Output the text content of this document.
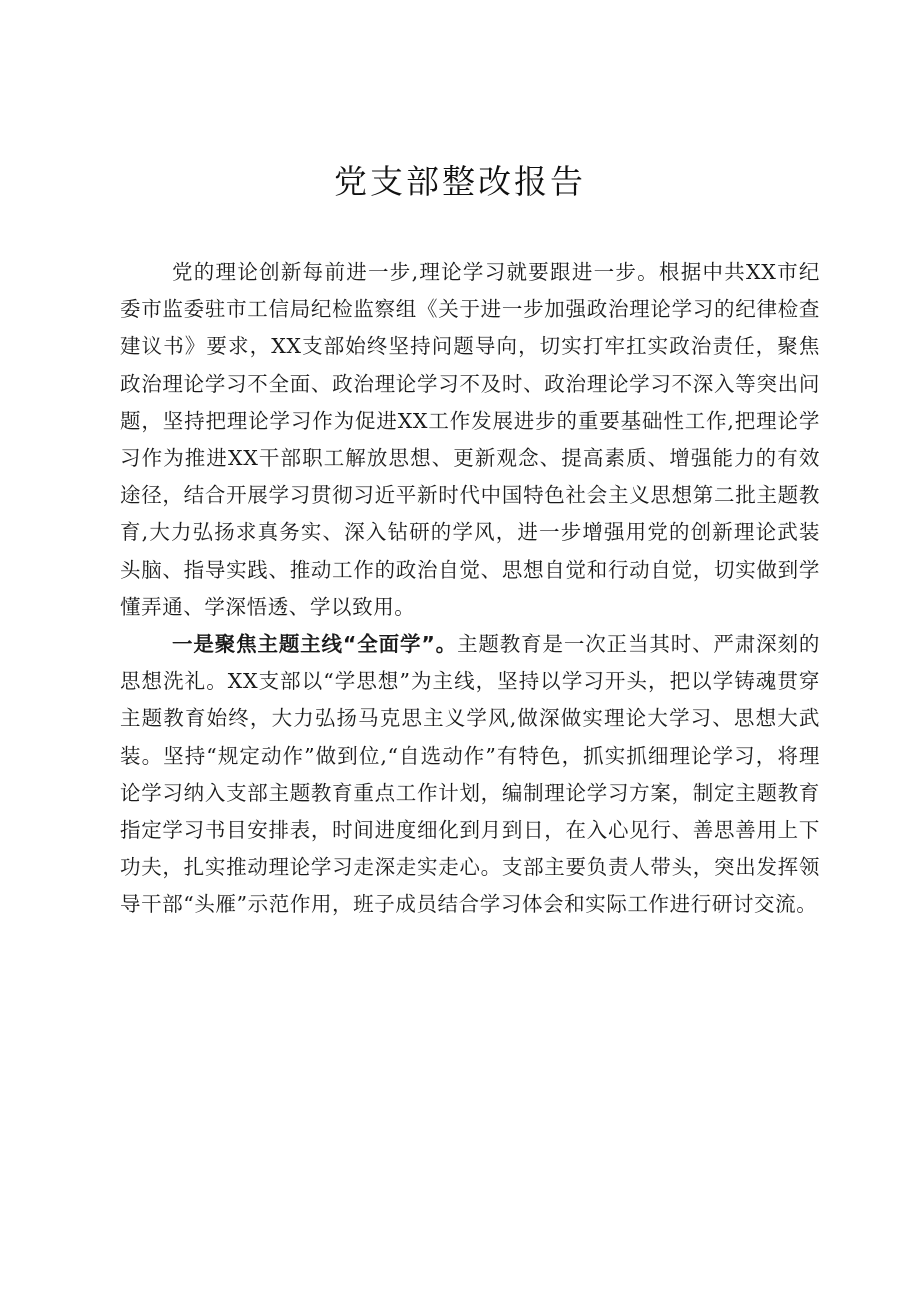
党支部整改报告

党的理论创新每前进一步,理论学习就要跟进一步。根据中共XX市纪委市监委驻市工信局纪检监察组《关于进一步加强政治理论学习的纪律检查建议书》要求，XX支部始终坚持问题导向，切实打牢扛实政治责任，聚焦政治理论学习不全面、政治理论学习不及时、政治理论学习不深入等突出问题，坚持把理论学习作为促进XX工作发展进步的重要基础性工作,把理论学习作为推进XX干部职工解放思想、更新观念、提高素质、增强能力的有效途径，结合开展学习贯彻习近平新时代中国特色社会主义思想第二批主题教育,大力弘扬求真务实、深入钻研的学风，进一步增强用党的创新理论武装头脑、指导实践、推动工作的政治自觉、思想自觉和行动自觉，切实做到学懂弄通、学深悟透、学以致用。

一是聚焦主题主线“全面学”。主题教育是一次正当其时、严肃深刻的思想洗礼。XX支部以“学思想”为主线，坚持以学习开头，把以学铸魂贯穿主题教育始终，大力弘扬马克思主义学风,做深做实理论大学习、思想大武装。坚持“规定动作”做到位,“自选动作”有特色，抓实抓细理论学习，将理论学习纳入支部主题教育重点工作计划，编制理论学习方案，制定主题教育指定学习书目安排表，时间进度细化到月到日，在入心见行、善思善用上下功夫，扎实推动理论学习走深走实走心。支部主要负责人带头，突出发挥领导干部“头雁”示范作用，班子成员结合学习体会和实际工作进行研讨交流。
